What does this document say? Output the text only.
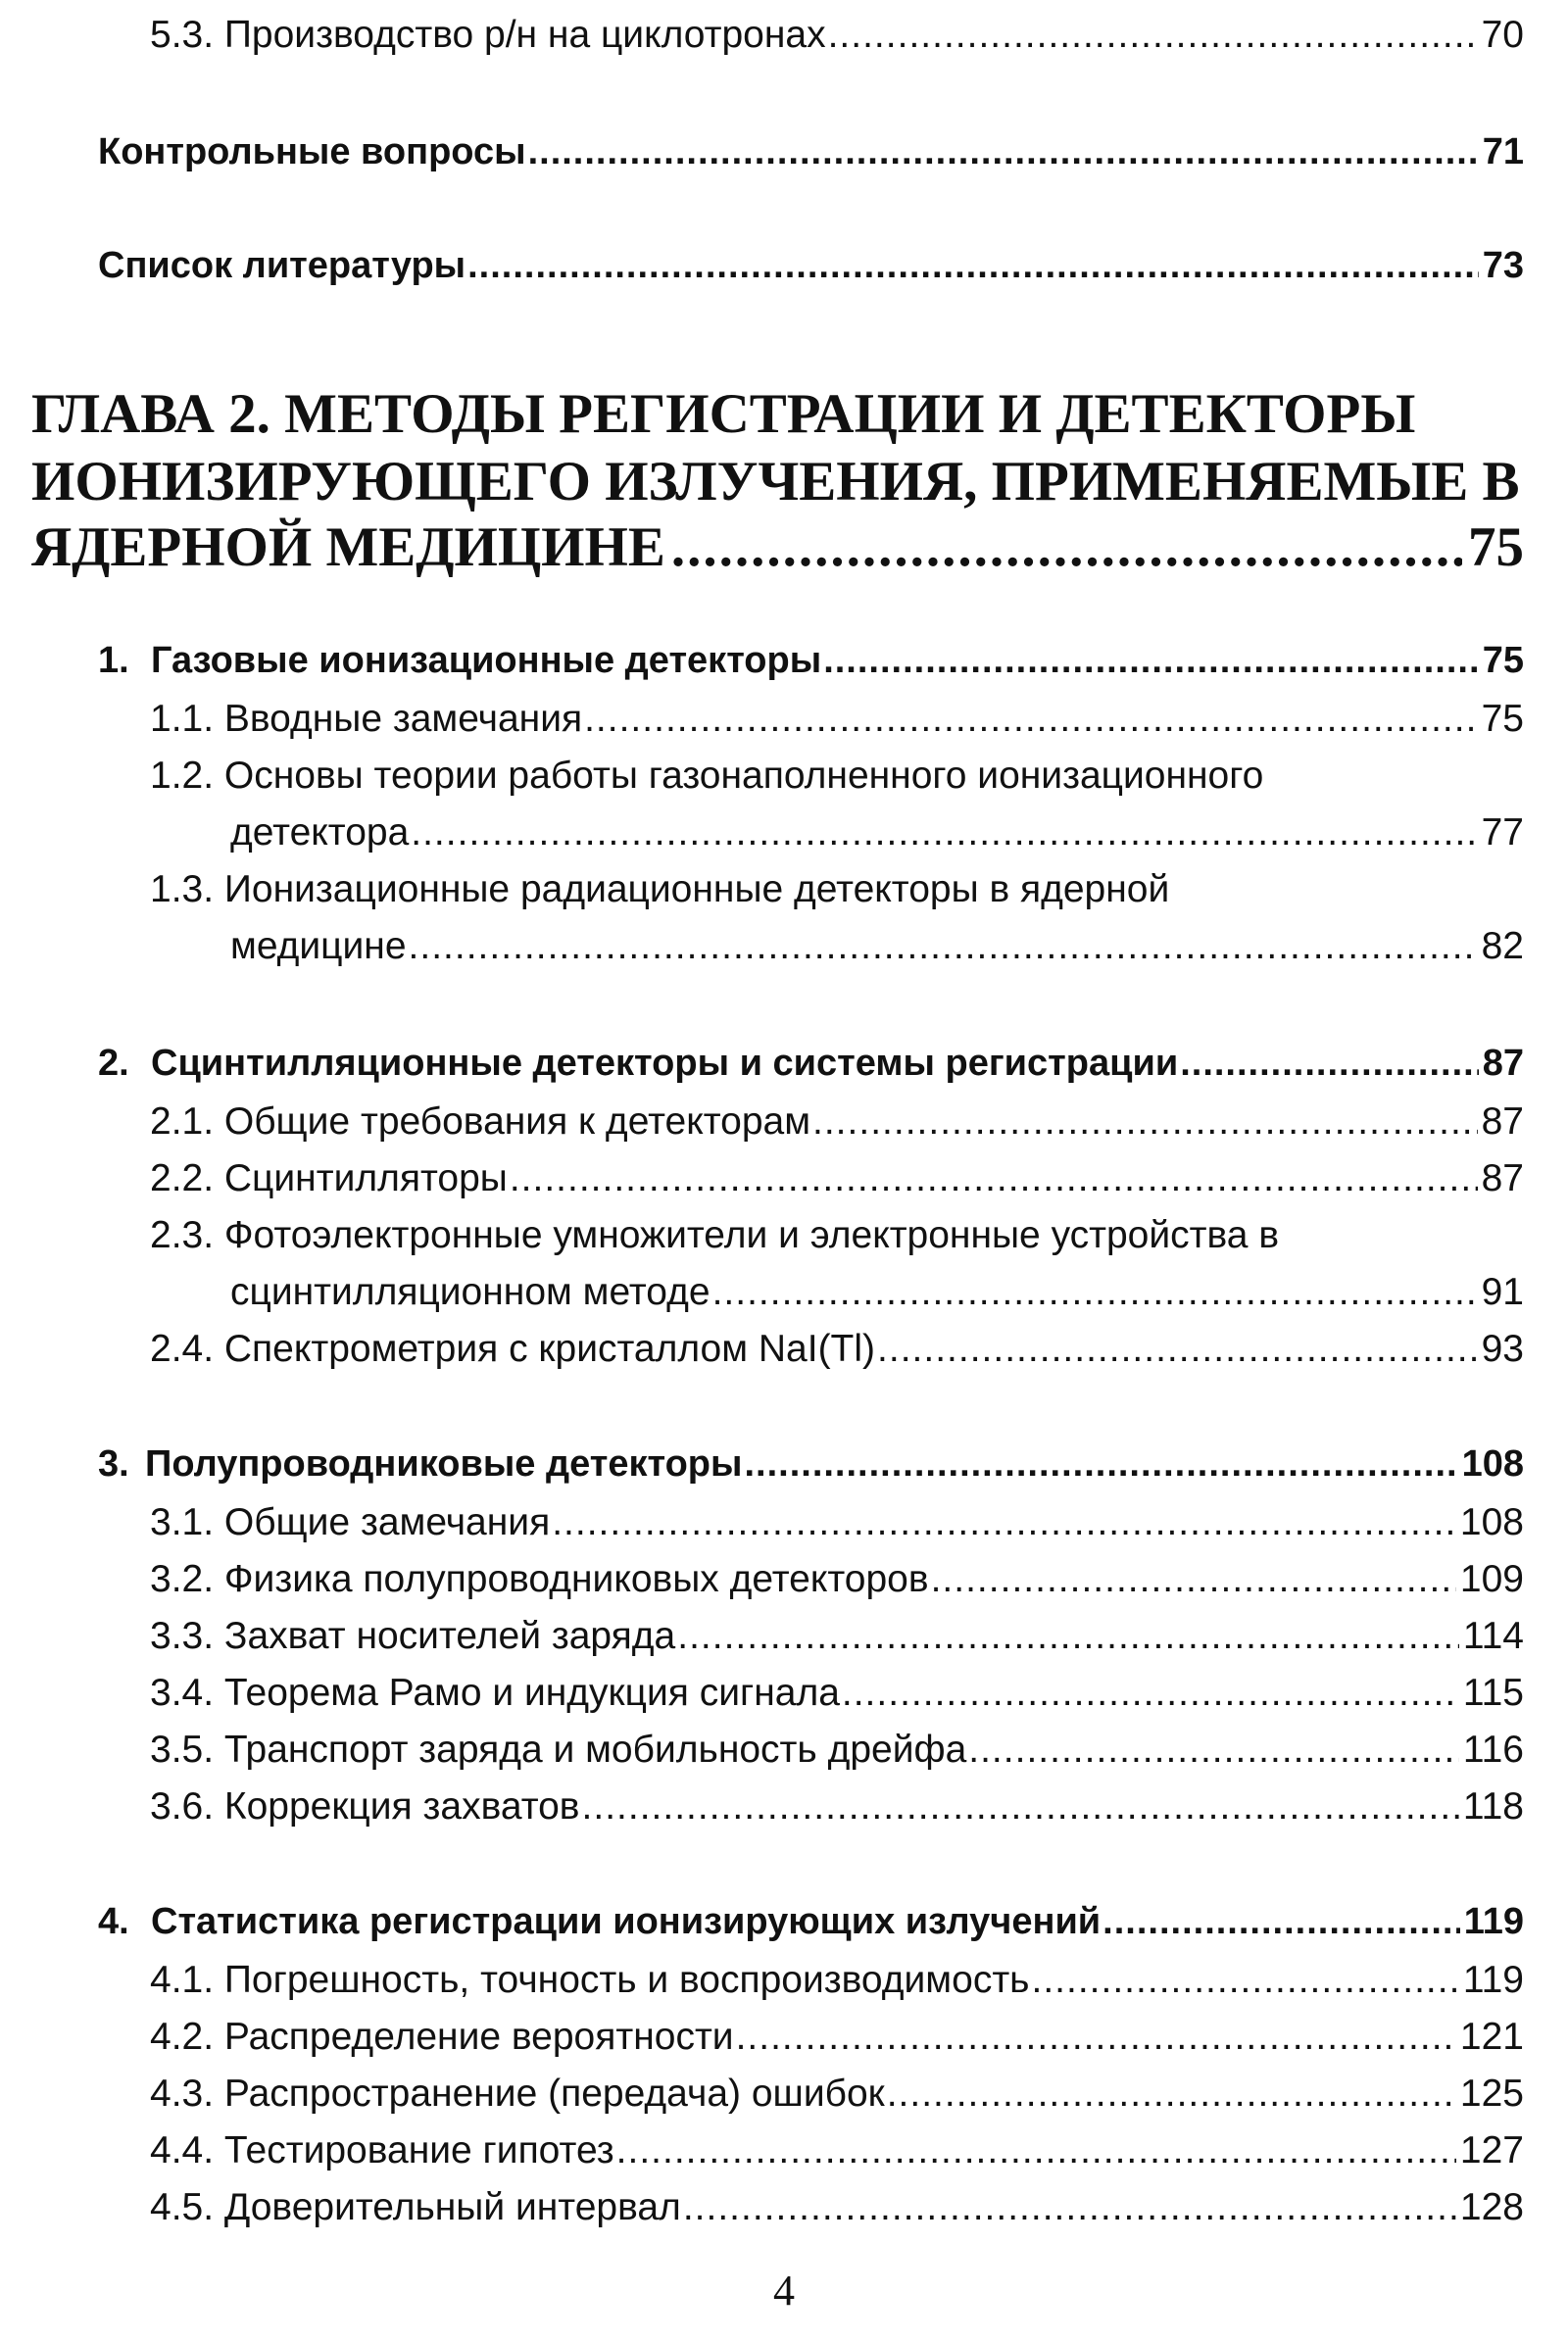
5.3. Производство р/н на циклотронах .....	70
Контрольные вопросы .....	71
Список литературы .....	73
ГЛАВА 2. МЕТОДЫ РЕГИСТРАЦИИ И ДЕТЕКТОРЫ
ИОНИЗИРУЮЩЕГО ИЗЛУЧЕНИЯ, ПРИМЕНЯЕМЫЕ В
ЯДЕРНОЙ МЕДИЦИНЕ .....	75
1. Газовые ионизационные детекторы .....	75
1.1. Вводные замечания .....	75
1.2. Основы теории работы газонаполненного ионизационного
детектора .....	77
1.3. Ионизационные радиационные детекторы в ядерной
медицине .....	82
2. Сцинтилляционные детекторы и системы регистрации .....	87
2.1. Общие требования к детекторам .....	87
2.2. Сцинтилляторы .....	87
2.3. Фотоэлектронные умножители и электронные устройства в
сцинтилляционном методе .....	91
2.4. Спектрометрия с кристаллом NaI(Tl) .....	93
3. Полупроводниковые детекторы .....	108
3.1. Общие замечания .....	108
3.2. Физика полупроводниковых детекторов .....	109
3.3. Захват носителей заряда .....	114
3.4. Теорема Рамо и индукция сигнала .....	115
3.5. Транспорт заряда и мобильность дрейфа .....	116
3.6. Коррекция захватов .....	118
4. Статистика регистрации ионизирующих излучений .....	119
4.1. Погрешность, точность и воспроизводимость .....	119
4.2. Распределение вероятности .....	121
4.3. Распространение (передача) ошибок .....	125
4.4. Тестирование гипотез .....	127
4.5. Доверительный интервал .....	128
4
